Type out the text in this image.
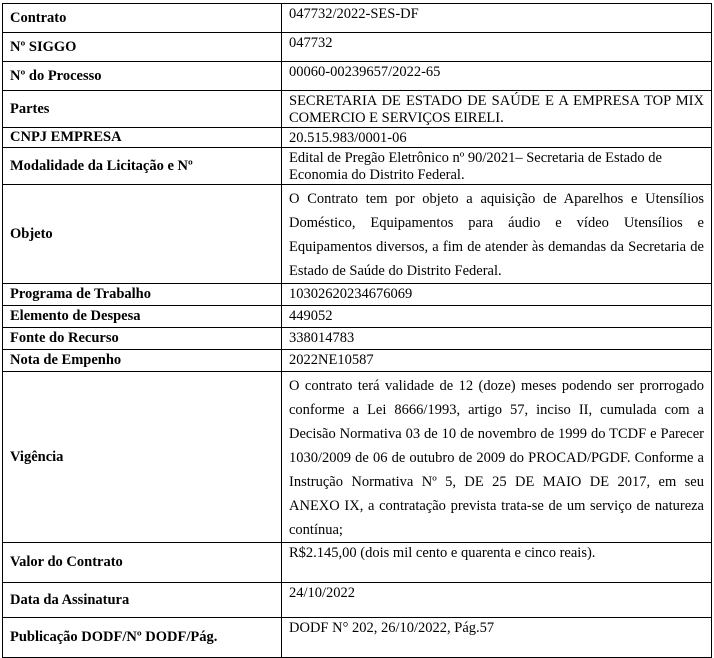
Contrato	047732/2022-SES-DF
Nº SIGGO	047732
Nº do Processo	00060-00239657/2022-65
Partes	SECRETARIA DE ESTADO DE SAÚDE E A EMPRESA TOP MIX COMERCIO E SERVIÇOS EIRELI.
CNPJ EMPRESA	20.515.983/0001-06
Modalidade da Licitação e Nº	Edital de Pregão Eletrônico nº 90/2021– Secretaria de Estado de Economia do Distrito Federal.
Objeto	O Contrato tem por objeto a aquisição de Aparelhos e Utensílios Doméstico, Equipamentos para áudio e vídeo Utensílios e Equipamentos diversos, a fim de atender às demandas da Secretaria de Estado de Saúde do Distrito Federal.
Programa de Trabalho	10302620234676069
Elemento de Despesa	449052
Fonte do Recurso	338014783
Nota de Empenho	2022NE10587
Vigência	O contrato terá validade de 12 (doze) meses podendo ser prorrogado conforme a Lei 8666/1993, artigo 57, inciso II, cumulada com a Decisão Normativa 03 de 10 de novembro de 1999 do TCDF e Parecer 1030/2009 de 06 de outubro de 2009 do PROCAD/PGDF. Conforme a Instrução Normativa Nº 5, DE 25 DE MAIO DE 2017, em seu ANEXO IX, a contratação prevista trata-se de um serviço de natureza contínua;
Valor do Contrato	R$2.145,00 (dois mil cento e quarenta e cinco reais).
Data da Assinatura	24/10/2022
Publicação DODF/Nº DODF/Pág.	DODF N° 202, 26/10/2022, Pág.57
